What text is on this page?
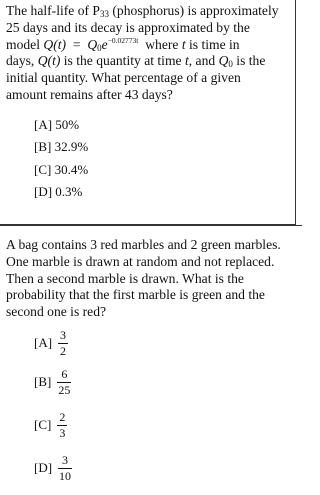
The half-life of $P_{33}$ (phosphorus) is approximately
25 days and its decay is approximated by the
model $Q(t) = Q_0e^{-0.02773t}$  where t is time in
days, Q(t) is the quantity at time t, and $Q_0$ is the
initial quantity. What percentage of a given
amount remains after 43 days?

[A] 50%
[B] 32.9%
[C] 30.4%
[D] 0.3%

A bag contains 3 red marbles and 2 green marbles. One marble is drawn at random and not replaced. Then a second marble is drawn. What is the probability that the first marble is green and the second one is red?

$[A] \frac{3}{2}$
$[B] \frac{6}{25}$
$[C] \frac{2}{3}$
$[D] \frac{3}{10}$
